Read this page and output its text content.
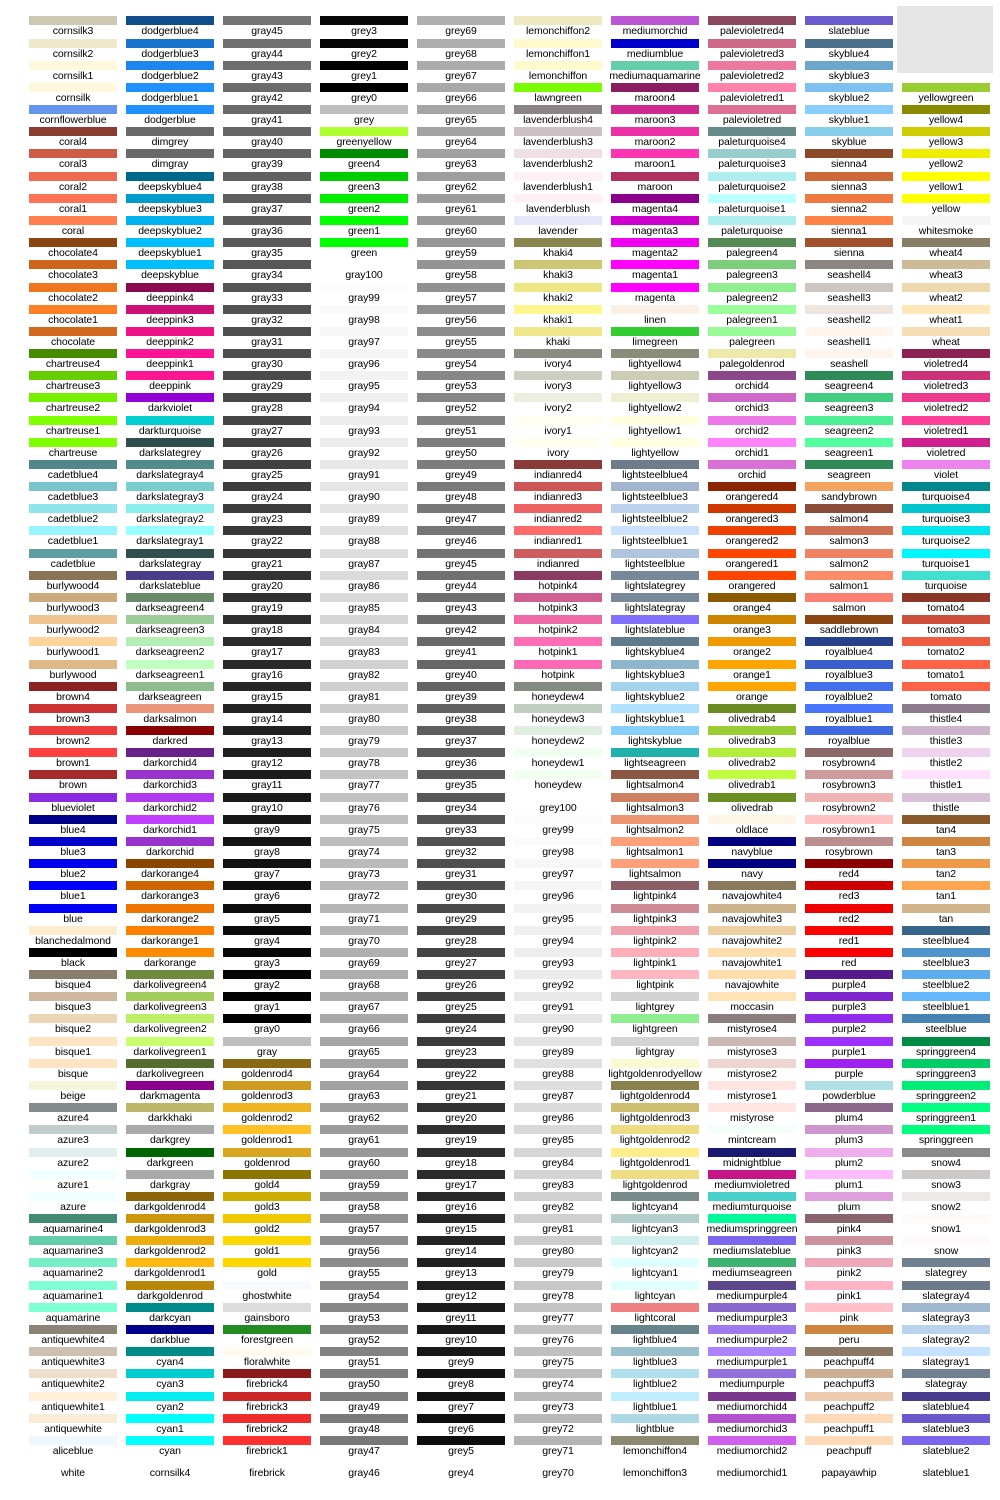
white
aliceblue
antiquewhite
antiquewhite1
antiquewhite2
antiquewhite3
antiquewhite4
aquamarine
aquamarine1
aquamarine2
aquamarine3
aquamarine4
azure
azure1
azure2
azure3
azure4
beige
bisque
bisque1
bisque2
bisque3
bisque4
black
blanchedalmond
blue
blue1
blue2
blue3
blue4
blueviolet
brown
brown1
brown2
brown3
brown4
burlywood
burlywood1
burlywood2
burlywood3
burlywood4
cadetblue
cadetblue1
cadetblue2
cadetblue3
cadetblue4
chartreuse
chartreuse1
chartreuse2
chartreuse3
chartreuse4
chocolate
chocolate1
chocolate2
chocolate3
chocolate4
coral
coral1
coral2
coral3
coral4
cornflowerblue
cornsilk
cornsilk1
cornsilk2
cornsilk3
cornsilk4
cyan
cyan1
cyan2
cyan3
cyan4
darkblue
darkcyan
darkgoldenrod
darkgoldenrod1
darkgoldenrod2
darkgoldenrod3
darkgoldenrod4
darkgray
darkgreen
darkgrey
darkkhaki
darkmagenta
darkolivegreen
darkolivegreen1
darkolivegreen2
darkolivegreen3
darkolivegreen4
darkorange
darkorange1
darkorange2
darkorange3
darkorange4
darkorchid
darkorchid1
darkorchid2
darkorchid3
darkorchid4
darkred
darksalmon
darkseagreen
darkseagreen1
darkseagreen2
darkseagreen3
darkseagreen4
darkslateblue
darkslategray
darkslategray1
darkslategray2
darkslategray3
darkslategray4
darkslategrey
darkturquoise
darkviolet
deeppink
deeppink1
deeppink2
deeppink3
deeppink4
deepskyblue
deepskyblue1
deepskyblue2
deepskyblue3
deepskyblue4
dimgray
dimgrey
dodgerblue
dodgerblue1
dodgerblue2
dodgerblue3
dodgerblue4
firebrick
firebrick1
firebrick2
firebrick3
firebrick4
floralwhite
forestgreen
gainsboro
ghostwhite
gold
gold1
gold2
gold3
gold4
goldenrod
goldenrod1
goldenrod2
goldenrod3
goldenrod4
gray
gray0
gray1
gray2
gray3
gray4
gray5
gray6
gray7
gray8
gray9
gray10
gray11
gray12
gray13
gray14
gray15
gray16
gray17
gray18
gray19
gray20
gray21
gray22
gray23
gray24
gray25
gray26
gray27
gray28
gray29
gray30
gray31
gray32
gray33
gray34
gray35
gray36
gray37
gray38
gray39
gray40
gray41
gray42
gray43
gray44
gray45
gray46
gray47
gray48
gray49
gray50
gray51
gray52
gray53
gray54
gray55
gray56
gray57
gray58
gray59
gray60
gray61
gray62
gray63
gray64
gray65
gray66
gray67
gray68
gray69
gray70
gray71
gray72
gray73
gray74
gray75
gray76
gray77
gray78
gray79
gray80
gray81
gray82
gray83
gray84
gray85
gray86
gray87
gray88
gray89
gray90
gray91
gray92
gray93
gray94
gray95
gray96
gray97
gray98
gray99
gray100
green
green1
green2
green3
green4
greenyellow
grey
grey0
grey1
grey2
grey3
grey4
grey5
grey6
grey7
grey8
grey9
grey10
grey11
grey12
grey13
grey14
grey15
grey16
grey17
grey18
grey19
grey20
grey21
grey22
grey23
grey24
grey25
grey26
grey27
grey28
grey29
grey30
grey31
grey32
grey33
grey34
grey35
grey36
grey37
grey38
grey39
grey40
grey41
grey42
grey43
grey44
grey45
grey46
grey47
grey48
grey49
grey50
grey51
grey52
grey53
grey54
grey55
grey56
grey57
grey58
grey59
grey60
grey61
grey62
grey63
grey64
grey65
grey66
grey67
grey68
grey69
grey70
grey71
grey72
grey73
grey74
grey75
grey76
grey77
grey78
grey79
grey80
grey81
grey82
grey83
grey84
grey85
grey86
grey87
grey88
grey89
grey90
grey91
grey92
grey93
grey94
grey95
grey96
grey97
grey98
grey99
grey100
honeydew
honeydew1
honeydew2
honeydew3
honeydew4
hotpink
hotpink1
hotpink2
hotpink3
hotpink4
indianred
indianred1
indianred2
indianred3
indianred4
ivory
ivory1
ivory2
ivory3
ivory4
khaki
khaki1
khaki2
khaki3
khaki4
lavender
lavenderblush
lavenderblush1
lavenderblush2
lavenderblush3
lavenderblush4
lawngreen
lemonchiffon
lemonchiffon1
lemonchiffon2
lemonchiffon3
lemonchiffon4
lightblue
lightblue1
lightblue2
lightblue3
lightblue4
lightcoral
lightcyan
lightcyan1
lightcyan2
lightcyan3
lightcyan4
lightgoldenrod
lightgoldenrod1
lightgoldenrod2
lightgoldenrod3
lightgoldenrod4
lightgoldenrodyellow
lightgray
lightgreen
lightgrey
lightpink
lightpink1
lightpink2
lightpink3
lightpink4
lightsalmon
lightsalmon1
lightsalmon2
lightsalmon3
lightsalmon4
lightseagreen
lightskyblue
lightskyblue1
lightskyblue2
lightskyblue3
lightskyblue4
lightslateblue
lightslategray
lightslategrey
lightsteelblue
lightsteelblue1
lightsteelblue2
lightsteelblue3
lightsteelblue4
lightyellow
lightyellow1
lightyellow2
lightyellow3
lightyellow4
limegreen
linen
magenta
magenta1
magenta2
magenta3
magenta4
maroon
maroon1
maroon2
maroon3
maroon4
mediumaquamarine
mediumblue
mediumorchid
mediumorchid1
mediumorchid2
mediumorchid3
mediumorchid4
mediumpurple
mediumpurple1
mediumpurple2
mediumpurple3
mediumpurple4
mediumseagreen
mediumslateblue
mediumspringgreen
mediumturquoise
mediumvioletred
midnightblue
mintcream
mistyrose
mistyrose1
mistyrose2
mistyrose3
mistyrose4
moccasin
navajowhite
navajowhite1
navajowhite2
navajowhite3
navajowhite4
navy
navyblue
oldlace
olivedrab
olivedrab1
olivedrab2
olivedrab3
olivedrab4
orange
orange1
orange2
orange3
orange4
orangered
orangered1
orangered2
orangered3
orangered4
orchid
orchid1
orchid2
orchid3
orchid4
palegoldenrod
palegreen
palegreen1
palegreen2
palegreen3
palegreen4
paleturquoise
paleturquoise1
paleturquoise2
paleturquoise3
paleturquoise4
palevioletred
palevioletred1
palevioletred2
palevioletred3
palevioletred4
papayawhip
peachpuff
peachpuff1
peachpuff2
peachpuff3
peachpuff4
peru
pink
pink1
pink2
pink3
pink4
plum
plum1
plum2
plum3
plum4
powderblue
purple
purple1
purple2
purple3
purple4
red
red1
red2
red3
red4
rosybrown
rosybrown1
rosybrown2
rosybrown3
rosybrown4
royalblue
royalblue1
royalblue2
royalblue3
royalblue4
saddlebrown
salmon
salmon1
salmon2
salmon3
salmon4
sandybrown
seagreen
seagreen1
seagreen2
seagreen3
seagreen4
seashell
seashell1
seashell2
seashell3
seashell4
sienna
sienna1
sienna2
sienna3
sienna4
skyblue
skyblue1
skyblue2
skyblue3
skyblue4
slateblue
slateblue1
slateblue2
slateblue3
slateblue4
slategray
slategray1
slategray2
slategray3
slategray4
slategrey
snow
snow1
snow2
snow3
snow4
springgreen
springgreen1
springgreen2
springgreen3
springgreen4
steelblue
steelblue1
steelblue2
steelblue3
steelblue4
tan
tan1
tan2
tan3
tan4
thistle
thistle1
thistle2
thistle3
thistle4
tomato
tomato1
tomato2
tomato3
tomato4
turquoise
turquoise1
turquoise2
turquoise3
turquoise4
violet
violetred
violetred1
violetred2
violetred3
violetred4
wheat
wheat1
wheat2
wheat3
wheat4
whitesmoke
yellow
yellow1
yellow2
yellow3
yellow4
yellowgreen
